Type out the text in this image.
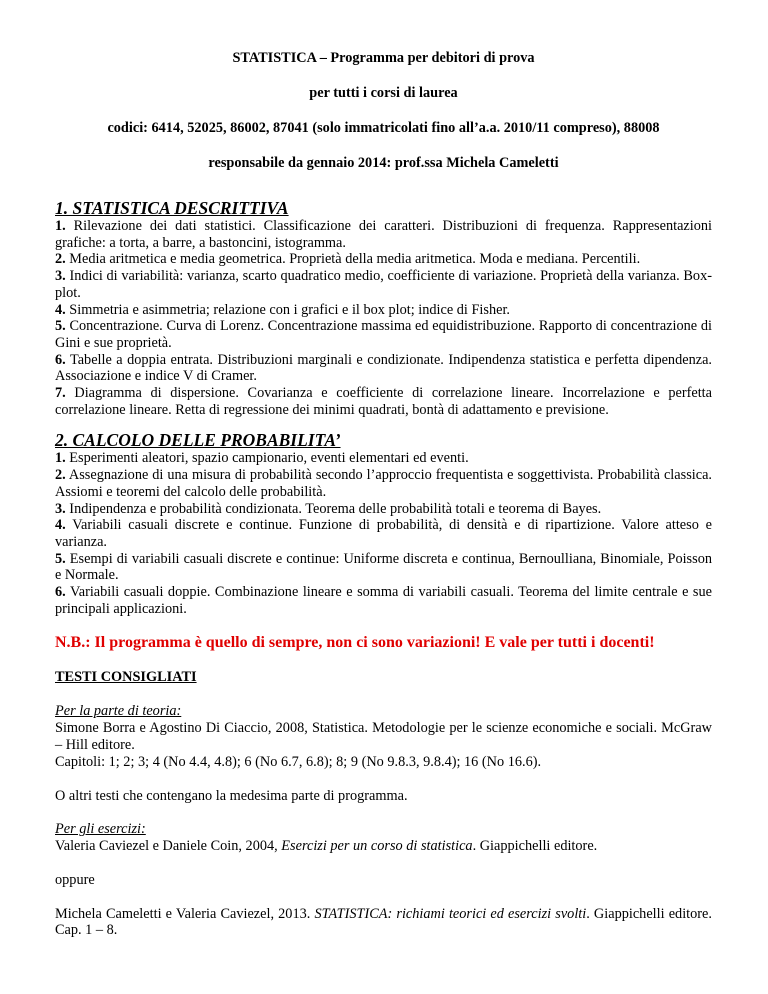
STATISTICA – Programma per debitori di prova

per tutti i corsi di laurea

codici: 6414, 52025, 86002, 87041 (solo immatricolati fino all’a.a. 2010/11 compreso), 88008

responsabile da gennaio 2014: prof.ssa Michela Cameletti

1. STATISTICA DESCRITTIVA

1. Rilevazione dei dati statistici. Classificazione dei caratteri. Distribuzioni di frequenza. Rappresentazioni grafiche: a torta, a barre, a bastoncini, istogramma.

2. Media aritmetica e media geometrica. Proprietà della media aritmetica. Moda e mediana. Percentili.

3. Indici di variabilità: varianza, scarto quadratico medio, coefficiente di variazione. Proprietà della varianza. Box-plot.

4. Simmetria e asimmetria; relazione con i grafici e il box plot; indice di Fisher.

5. Concentrazione. Curva di Lorenz. Concentrazione massima ed equidistribuzione. Rapporto di concentrazione di Gini e sue proprietà.

6. Tabelle a doppia entrata. Distribuzioni marginali e condizionate. Indipendenza statistica e perfetta dipendenza. Associazione e indice V di Cramer.

7. Diagramma di dispersione. Covarianza e coefficiente di correlazione lineare. Incorrelazione e perfetta correlazione lineare. Retta di regressione dei minimi quadrati, bontà di adattamento e previsione.

2. CALCOLO DELLE PROBABILITA’

1. Esperimenti aleatori, spazio campionario, eventi elementari ed eventi.

2. Assegnazione di una misura di probabilità secondo l’approccio frequentista e soggettivista. Probabilità classica. Assiomi e teoremi del calcolo delle probabilità.

3. Indipendenza e probabilità condizionata. Teorema delle probabilità totali e teorema di Bayes.

4. Variabili casuali discrete e continue. Funzione di probabilità, di densità e di ripartizione. Valore atteso e varianza.

5. Esempi di variabili casuali discrete e continue: Uniforme discreta e continua, Bernoulliana, Binomiale, Poisson e Normale.

6. Variabili casuali doppie. Combinazione lineare e somma di variabili casuali. Teorema del limite centrale e sue principali applicazioni.

N.B.: Il programma è quello di sempre, non ci sono variazioni! E vale per tutti i docenti!

TESTI CONSIGLIATI

Per la parte di teoria:

Simone Borra e Agostino Di Ciaccio, 2008, Statistica. Metodologie per le scienze economiche e sociali. McGraw – Hill editore.

Capitoli: 1; 2; 3; 4 (No 4.4, 4.8); 6 (No 6.7, 6.8); 8; 9 (No 9.8.3, 9.8.4); 16 (No 16.6).

O altri testi che contengano la medesima parte di programma.

Per gli esercizi:

Valeria Caviezel e Daniele Coin, 2004, Esercizi per un corso di statistica. Giappichelli editore.

oppure

Michela Cameletti e Valeria Caviezel, 2013. STATISTICA: richiami teorici ed esercizi svolti. Giappichelli editore. Cap. 1 – 8.
